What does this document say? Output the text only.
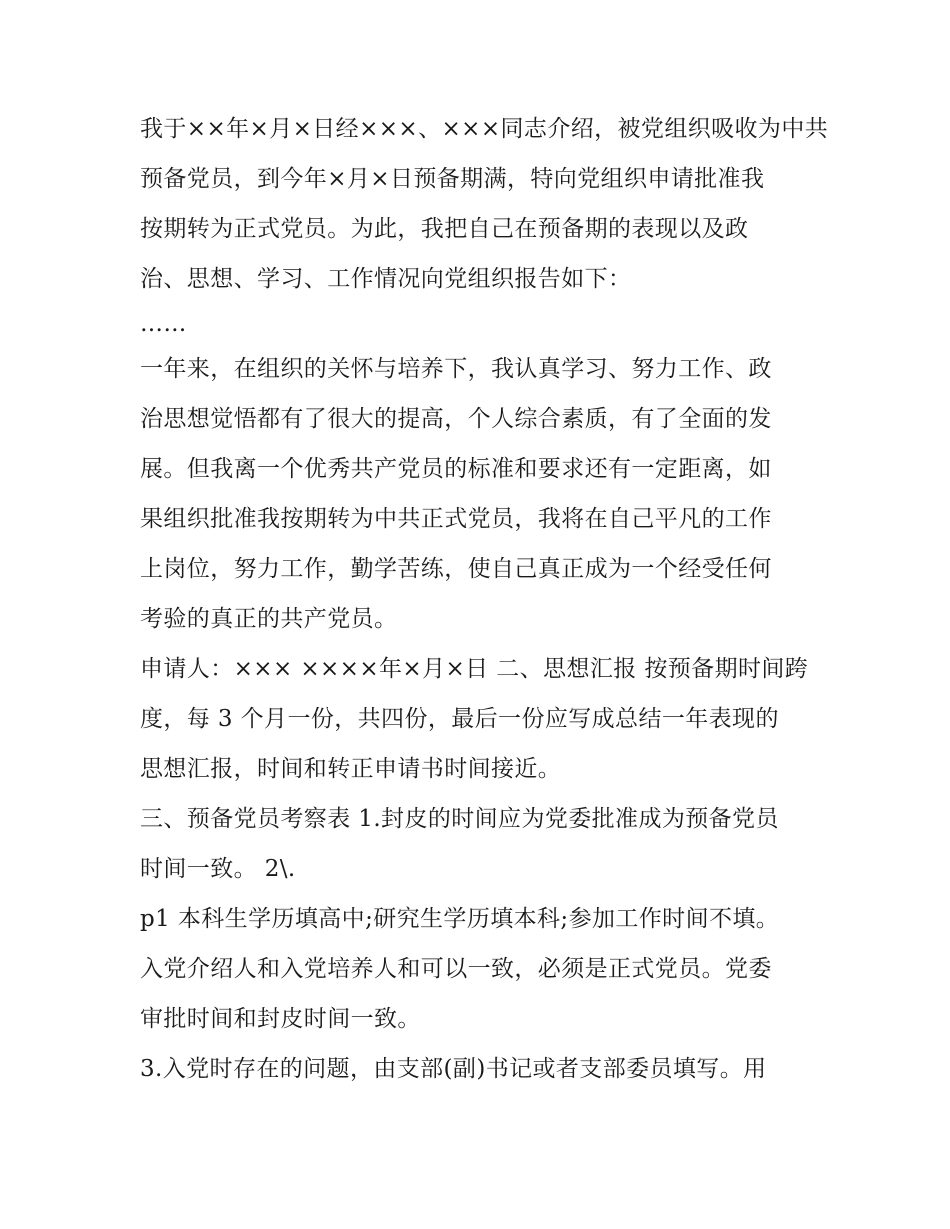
我于××年×月×日经×××、×××同志介绍，被党组织吸收为中共
预备党员，到今年×月×日预备期满，特向党组织申请批准我
按期转为正式党员。为此，我把自己在预备期的表现以及政
治、思想、学习、工作情况向党组织报告如下：
……
一年来，在组织的关怀与培养下，我认真学习、努力工作、政
治思想觉悟都有了很大的提高，个人综合素质，有了全面的发
展。但我离一个优秀共产党员的标准和要求还有一定距离，如
果组织批准我按期转为中共正式党员，我将在自己平凡的工作
上岗位，努力工作，勤学苦练，使自己真正成为一个经受任何
考验的真正的共产党员。
申请人：××× ××××年×月×日 二、思想汇报 按预备期时间跨
度，每 3 个月一份，共四份，最后一份应写成总结一年表现的
思想汇报，时间和转正申请书时间接近。
三、预备党员考察表 1.封皮的时间应为党委批准成为预备党员
时间一致。 2\.
p1 本科生学历填高中;研究生学历填本科;参加工作时间不填。
入党介绍人和入党培养人和可以一致，必须是正式党员。党委
审批时间和封皮时间一致。
3.入党时存在的问题，由支部(副)书记或者支部委员填写。用
